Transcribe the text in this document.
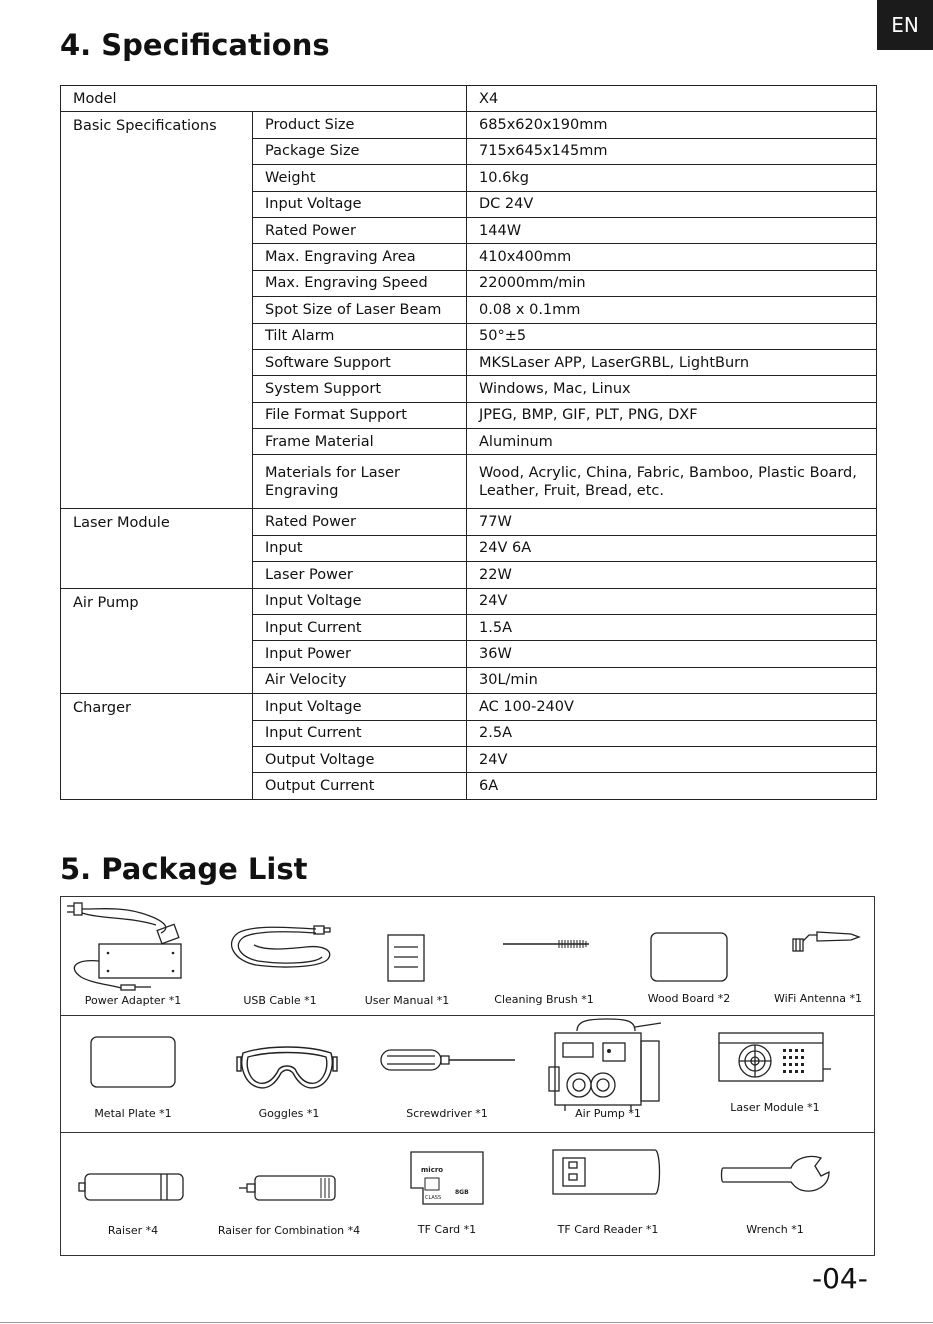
EN
4. Specifications
Model		X4
Basic Specifications	Product Size	685x620x190mm
	Package Size	715x645x145mm
	Weight	10.6kg
	Input Voltage	DC 24V
	Rated Power	144W
	Max. Engraving Area	410x400mm
	Max. Engraving Speed	22000mm/min
	Spot Size of Laser Beam	0.08 x 0.1mm
	Tilt Alarm	50°±5
	Software Support	MKSLaser APP, LaserGRBL, LightBurn
	System Support	Windows, Mac, Linux
	File Format Support	JPEG, BMP, GIF, PLT, PNG, DXF
	Frame Material	Aluminum
	Materials for Laser Engraving	Wood, Acrylic, China, Fabric, Bamboo, Plastic Board, Leather, Fruit, Bread, etc.
Laser Module	Rated Power	77W
	Input	24V 6A
	Laser Power	22W
Air Pump	Input Voltage	24V
	Input Current	1.5A
	Input Power	36W
	Air Velocity	30L/min
Charger	Input Voltage	AC 100-240V
	Input Current	2.5A
	Output Voltage	24V
	Output Current	6A
5. Package List
Power Adapter *1	USB Cable *1	User Manual *1	Cleaning Brush *1	Wood Board *2	WiFi Antenna *1
Metal Plate *1	Goggles *1	Screwdriver *1	Air Pump *1	Laser Module *1
Raiser *4	Raiser for Combination *4
micro
CLASS
8GB
TF Card *1	TF Card Reader *1	Wrench *1
-04-
